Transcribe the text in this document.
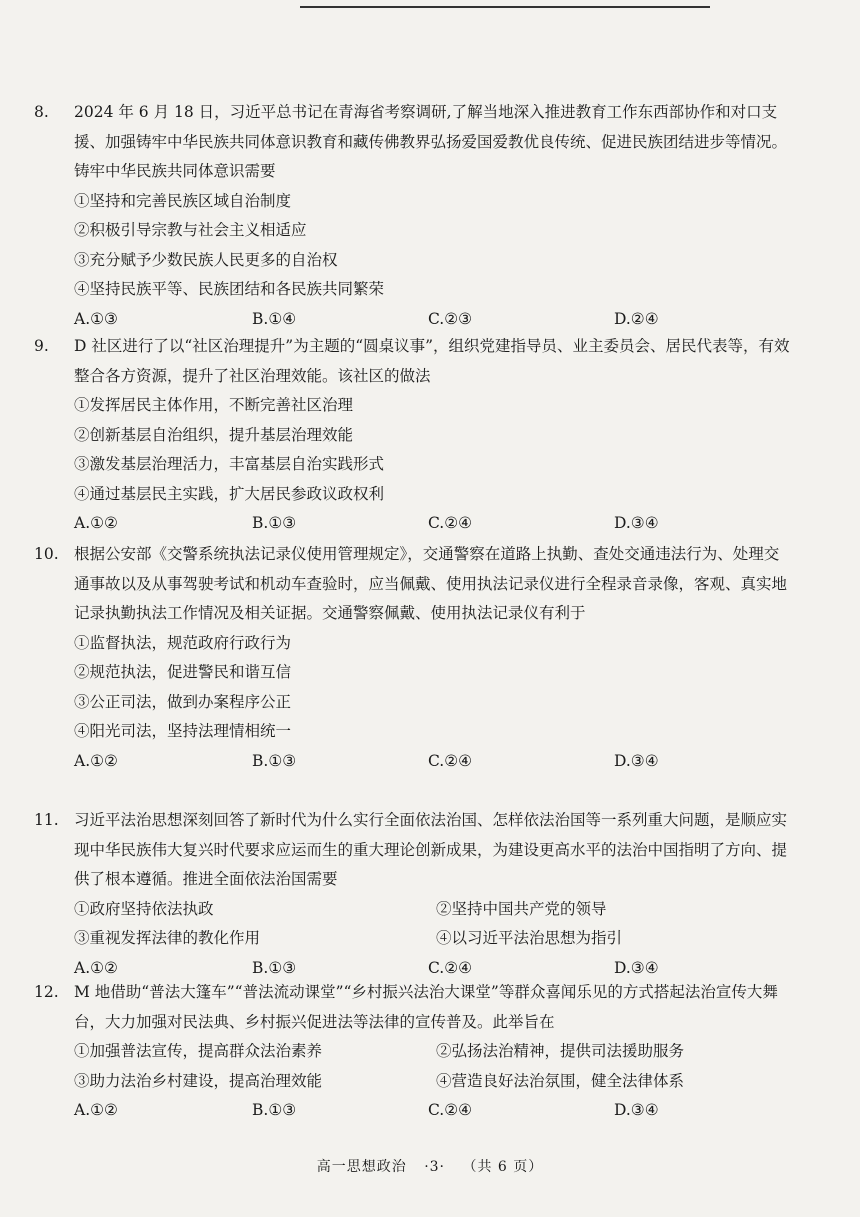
8.	2024 年 6 月 18 日，习近平总书记在青海省考察调研,了解当地深入推进教育工作东西部协作和对口支援、加强铸牢中华民族共同体意识教育和藏传佛教界弘扬爱国爱教优良传统、促进民族团结进步等情况。铸牢中华民族共同体意识需要
①坚持和完善民族区域自治制度
②积极引导宗教与社会主义相适应
③充分赋予少数民族人民更多的自治权
④坚持民族平等、民族团结和各民族共同繁荣
A.①③	B.①④	C.②③	D.②④
9.	D 社区进行了以“社区治理提升”为主题的“圆桌议事”，组织党建指导员、业主委员会、居民代表等，有效整合各方资源，提升了社区治理效能。该社区的做法
①发挥居民主体作用，不断完善社区治理
②创新基层自治组织，提升基层治理效能
③激发基层治理活力，丰富基层自治实践形式
④通过基层民主实践，扩大居民参政议政权利
A.①②	B.①③	C.②④	D.③④
10. 根据公安部《交警系统执法记录仪使用管理规定》，交通警察在道路上执勤、查处交通违法行为、处理交通事故以及从事驾驶考试和机动车查验时，应当佩戴、使用执法记录仪进行全程录音录像，客观、真实地记录执勤执法工作情况及相关证据。交通警察佩戴、使用执法记录仪有利于
①监督执法，规范政府行政行为
②规范执法，促进警民和谐互信
③公正司法，做到办案程序公正
④阳光司法，坚持法理情相统一
A.①②	B.①③	C.②④	D.③④
11. 习近平法治思想深刻回答了新时代为什么实行全面依法治国、怎样依法治国等一系列重大问题，是顺应实现中华民族伟大复兴时代要求应运而生的重大理论创新成果，为建设更高水平的法治中国指明了方向、提供了根本遵循。推进全面依法治国需要
①政府坚持依法执政	②坚持中国共产党的领导
③重视发挥法律的教化作用	④以习近平法治思想为指引
A.①②	B.①③	C.②④	D.③④
12. M 地借助“普法大篷车”“普法流动课堂”“乡村振兴法治大课堂”等群众喜闻乐见的方式搭起法治宣传大舞台，大力加强对民法典、乡村振兴促进法等法律的宣传普及。此举旨在
①加强普法宣传，提高群众法治素养	②弘扬法治精神，提供司法援助服务
③助力法治乡村建设，提高治理效能	④营造良好法治氛围，健全法律体系
A.①②	B.①③	C.②④	D.③④
高一思想政治 ·3· （共 6 页）
